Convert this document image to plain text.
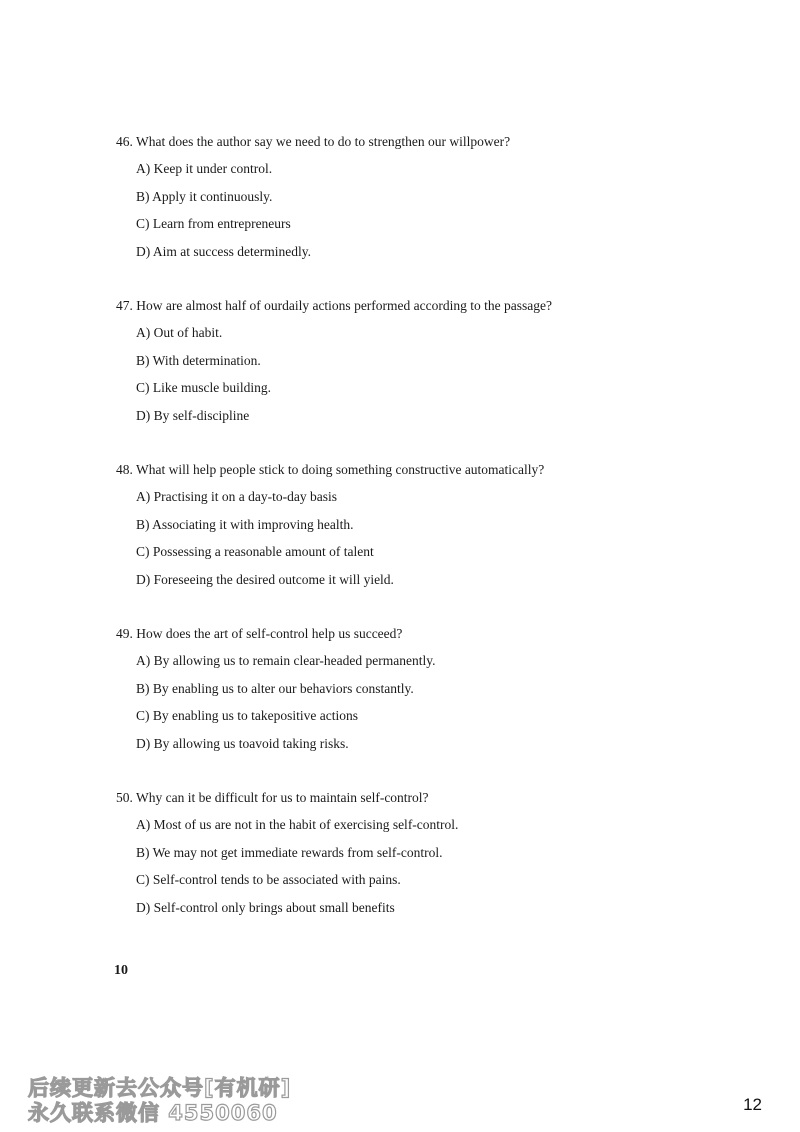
46. What does the author say we need to do to strengthen our willpower?

A) Keep it under control.
B) Apply it continuously.
C) Learn from entrepreneurs
D) Aim at success determinedly.

47. How are almost half of ourdaily actions performed according to the passage?

A) Out of habit.
B) With determination.
C) Like muscle building.
D) By self-discipline

48. What will help people stick to doing something constructive automatically?

A) Practising it on a day-to-day basis
B) Associating it with improving health.
C) Possessing a reasonable amount of talent
D) Foreseeing the desired outcome it will yield.

49. How does the art of self-control help us succeed?

A) By allowing us to remain clear-headed permanently.
B) By enabling us to alter our behaviors constantly.
C) By enabling us to takepositive actions
D) By allowing us toavoid taking risks.

50. Why can it be difficult for us to maintain self-control?

A) Most of us are not in the habit of exercising self-control.
B) We may not get immediate rewards from self-control.
C) Self-control tends to be associated with pains.
D) Self-control only brings about small benefits
10
后续更新去公众号[有机研]
永久联系微信 4550060	12
